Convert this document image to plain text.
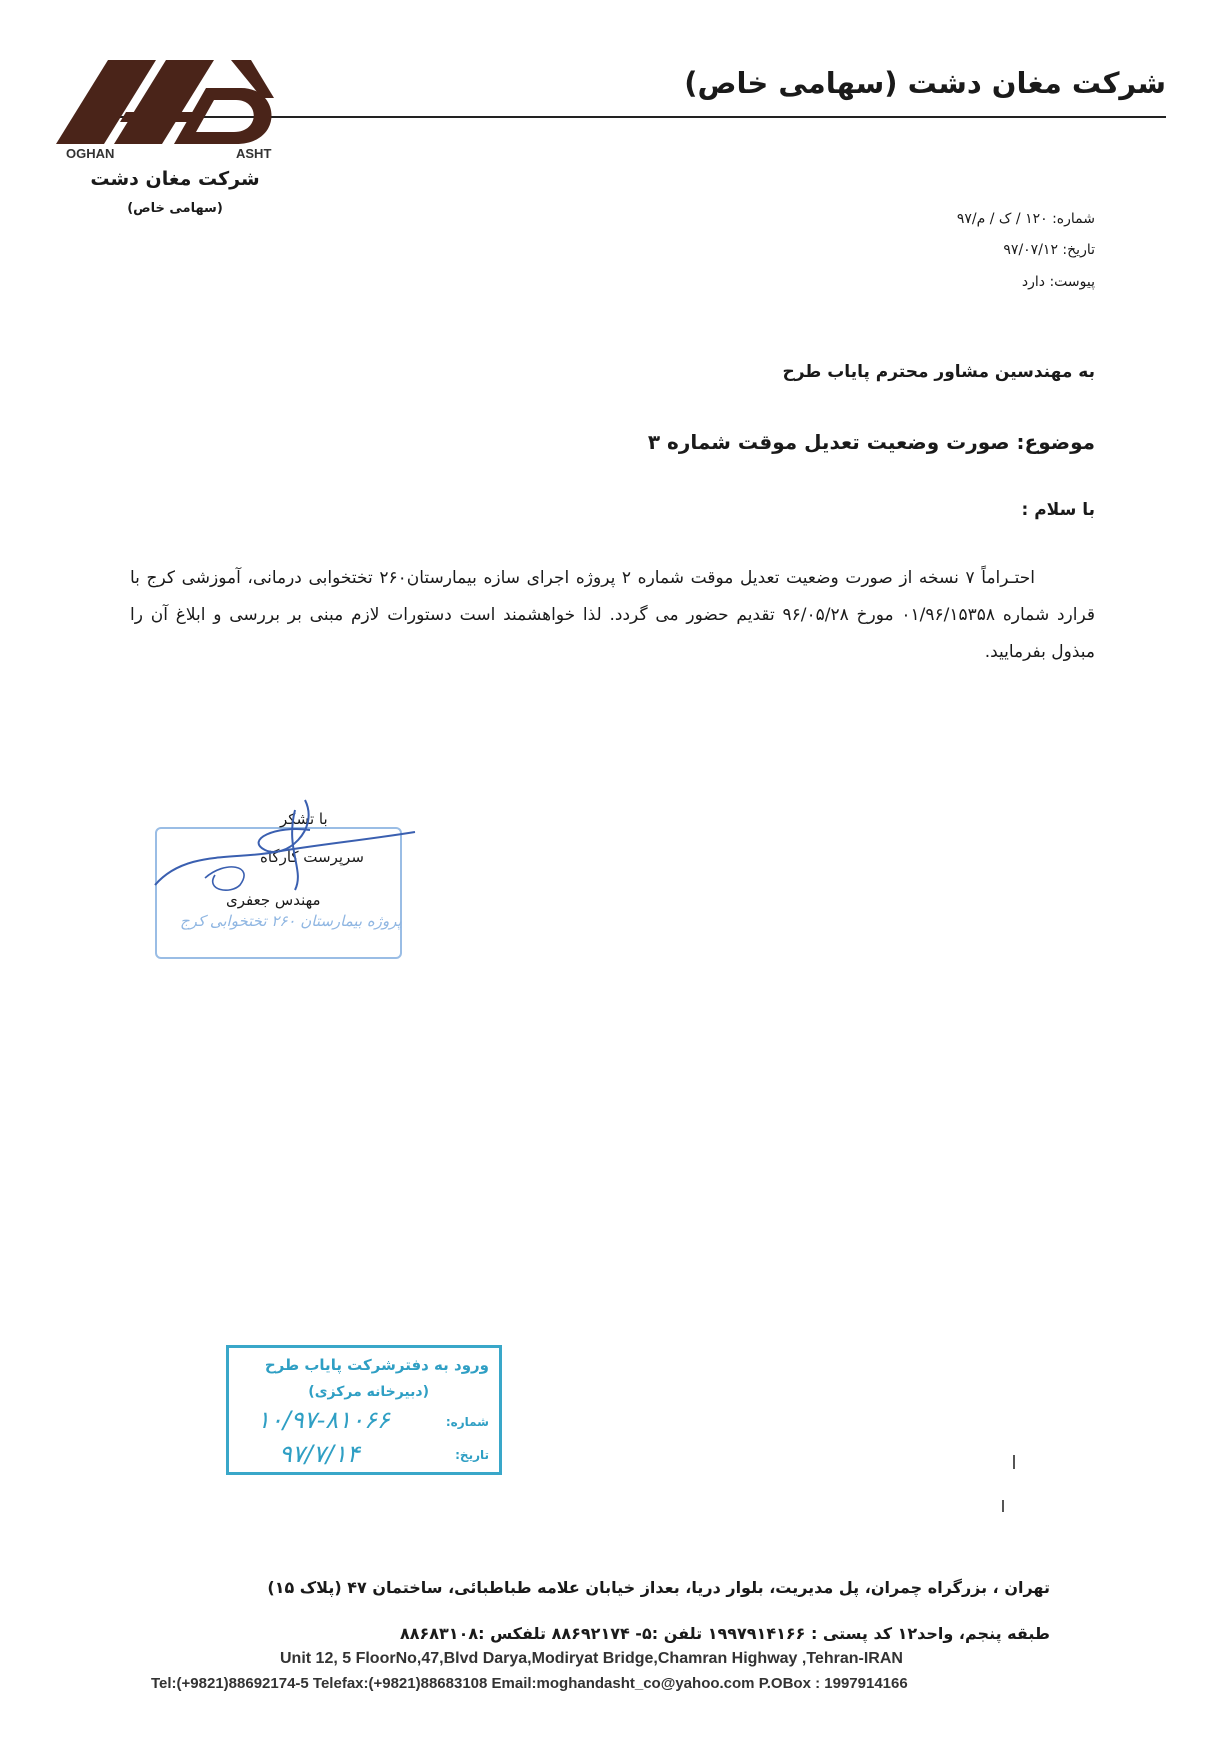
شرکت مغان دشت (سهامی خاص)
OGHAN	ASHT
شرکت مغان دشت
(سهامی خاص)
شماره: ۱۲۰ / ک / م/۹۷
تاریخ: ۹۷/۰۷/۱۲
پیوست: دارد
به مهندسین مشاور محترم پایاب طرح
موضوع: صورت وضعیت تعدیل موقت شماره ۳
با سلام :
احتـراماً ۷ نسخه از صورت وضعیت تعدیل موقت شماره ۲ پروژه اجرای سازه بیمارستان۲۶۰ تختخوابی درمانی، آموزشی کرج با قرارد شماره ۰۱/۹۶/۱۵۳۵۸ مورخ ۹۶/۰۵/۲۸ تقدیم حضور می گردد. لذا خواهشمند است دستورات لازم مبنی بر بررسی و ابلاغ آن را مبذول بفرمایید.
پروژه بیمارستان ۲۶۰ تختخوابی کرج
با تشکر
سرپرست کارگاه
مهندس جعفری
ورود به دفترشرکت پایاب طرح
(دبیرخانه مرکزی)
شماره:
۱۰/۹۷-۸۱۰۶۶
تاریخ:
۹۷/۷/۱۴
تهران ، بزرگراه چمران، پل مدیریت، بلوار دریا، بعداز خیابان علامه طباطبائی، ساختمان ۴۷ (پلاک ۱۵)
طبقه پنجم، واحد۱۲ کد پستی : ۱۹۹۷۹۱۴۱۶۶ تلفن :۵- ۸۸۶۹۲۱۷۴ تلفکس :۸۸۶۸۳۱۰۸
Unit 12, 5 FloorNo,47,Blvd Darya,Modiryat Bridge,Chamran Highway ,Tehran-IRAN
Tel:(+9821)88692174-5 Telefax:(+9821)88683108 Email:moghandasht_co@yahoo.com P.OBox : 1997914166
